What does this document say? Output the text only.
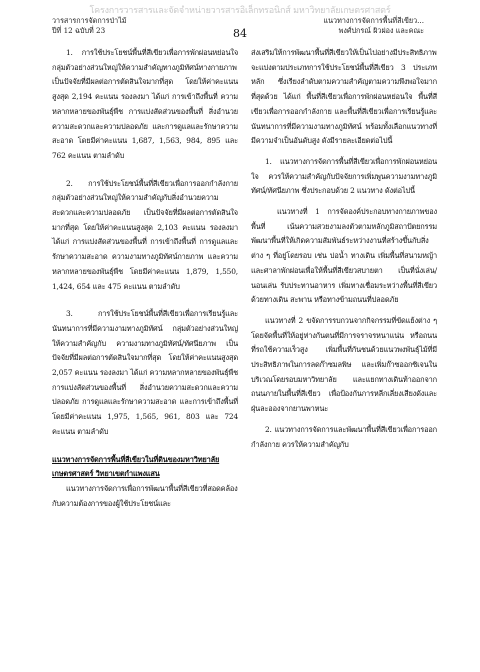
โครงการวารสารและจัดจำหน่ายวารสารอิเล็กทรอนิกส์ มหาวิทยาลัยเกษตรศาสตร์
วารสารการจัดการป่าไม้
ปีที่ 12 ฉบับที่ 23
แนวทางการจัดการพื้นที่สีเขียว...
พงศ์ปกรณ์ ผิวผ่อง และคณะ
84

1. การใช้ประโยชน์พื้นที่สีเขียวเพื่อการพักผ่อนหย่อนใจ กลุ่มตัวอย่างส่วนใหญ่ให้ความสำคัญทางภูมิทัศน์ทางกายภาพ เป็นปัจจัยที่มีผลต่อการตัดสินใจมากที่สุด โดยให้ค่าคะแนนสูงสุด 2,194 คะแนน รองลงมา ได้แก่ การเข้าถึงพื้นที่ ความหลากหลายของพันธุ์พืช การแบ่งสัดส่วนของพื้นที่ สิ่งอำนวยความสะดวกและความปลอดภัย และการดูแลและรักษาความสะอาด โดยมีค่าคะแนน 1,687, 1,563, 984, 895 และ 762 คะแนน ตามลำดับ

2. การใช้ประโยชน์พื้นที่สีเขียวเพื่อการออกกำลังกาย กลุ่มตัวอย่างส่วนใหญ่ให้ความสำคัญกับสิ่งอำนวยความสะดวกและความปลอดภัย เป็นปัจจัยที่มีผลต่อการตัดสินใจมากที่สุด โดยให้ค่าคะแนนสูงสุด 2,103 คะแนน รองลงมา ได้แก่ การแบ่งสัดส่วนของพื้นที่ การเข้าถึงพื้นที่ การดูแลและรักษาความสะอาด ความงามทางภูมิทัศน์กายภาพ และความหลากหลายของพันธุ์พืช โดยมีค่าคะแนน 1,879, 1,550, 1,424, 654 และ 475 คะแนน ตามลำดับ

3. การใช้ประโยชน์พื้นที่สีเขียวเพื่อการเรียนรู้และนันทนาการที่มีความงามทางภูมิทัศน์ กลุ่มตัวอย่างส่วนใหญ่ให้ความสำคัญกับ ความงามทางภูมิทัศน์/ทัศนียภาพ เป็นปัจจัยที่มีผลต่อการตัดสินใจมากที่สุด โดยให้ค่าคะแนนสูงสุด 2,057 คะแนน รองลงมา ได้แก่ ความหลากหลายของพันธุ์พืช การแบ่งสัดส่วนของพื้นที่ สิ่งอำนวยความสะดวกและความปลอดภัย การดูแลและรักษาความสะอาด และการเข้าถึงพื้นที่ โดยมีค่าคะแนน 1,975, 1,565, 961, 803 และ 724 คะแนน ตามลำดับ

แนวทางการจัดการพื้นที่สีเขียวในที่ดินของมหาวิทยาลัยเกษตรศาสตร์ วิทยาเขตกำแพงแสน

แนวทางการจัดการเพื่อการพัฒนาพื้นที่สีเขียวที่สอดคล้องกับความต้องการของผู้ใช้ประโยชน์และ

ส่งเสริมให้การพัฒนาพื้นที่สีเขียวให้เป็นไปอย่างมีประสิทธิภาพจะแบ่งตามประเภทการใช้ประโยชน์พื้นที่สีเขียว 3 ประเภทหลัก ซึ่งเรียงลำดับตามความสำคัญตามความพึงพอใจมากที่สุดด้วย ได้แก่ พื้นที่สีเขียวเพื่อการพักผ่อนหย่อนใจ พื้นที่สีเขียวเพื่อการออกกำลังกาย และพื้นที่สีเขียวเพื่อการเรียนรู้และนันทนาการที่มีความงามทางภูมิทัศน์ พร้อมทั้งเลือกแนวทางที่มีความจำเป็นอันดับสูง ดังมีรายละเอียดต่อไปนี้

1. แนวทางการจัดการพื้นที่สีเขียวเพื่อการพักผ่อนหย่อนใจ ควรให้ความสำคัญกับปัจจัยการเพิ่มพูนความงามทางภูมิทัศน์/ทัศนียภาพ ซึ่งประกอบด้วย 2 แนวทาง ดังต่อไปนี้

แนวทางที่ 1 การจัดองค์ประกอบทางกายภาพของพื้นที่ เน้นความสวยงามลงตัวตามหลักภูมิสถาปัตยกรรม พัฒนาพื้นที่ให้เกิดความสัมพันธ์ระหว่างงานที่สร้างขึ้นกับสิ่งต่าง ๆ ที่อยู่โดยรอบ เช่น บ่อน้ำ ทางเดิน เพิ่มพื้นที่สนามหญ้า และศาลาพักผ่อนเพื่อให้พื้นที่สีเขียวสบายตา เป็นที่นั่งเล่น/นอนเล่น รับประทานอาหาร เพิ่มทางเชื่อมระหว่างพื้นที่สีเขียวด้วยทางเดิน สะพาน หรือทางข้ามถนนที่ปลอดภัย

แนวทางที่ 2 ขจัดการรบกวนจากกิจกรรมที่ขัดแย้งต่าง ๆ โดยจัดพื้นที่ให้อยู่ห่างกันตนที่มีการจราจรหนาแน่น หรือถนนที่รถใช้ความเร็วสูง เพิ่มพื้นที่กันชนด้วยแนวพงพันธุ์ไม้ที่มีประสิทธิภาพในการลดก๊าซมลพิษ และเพิ่มก๊าซออกซิเจนในบริเวณโดยรอบมหาวิทยาลัย และแยกทางเดินท้าออกจากถนนภายในพื้นที่สีเขียว เพื่อป้องกันการหลีกเลี่ยงเสียงดังและฝุ่นละอองจากยานพาหนะ

2. แนวทางการจัดการและพัฒนาพื้นที่สีเขียวเพื่อการออกกำลังกาย ควรให้ความสำคัญกับ
